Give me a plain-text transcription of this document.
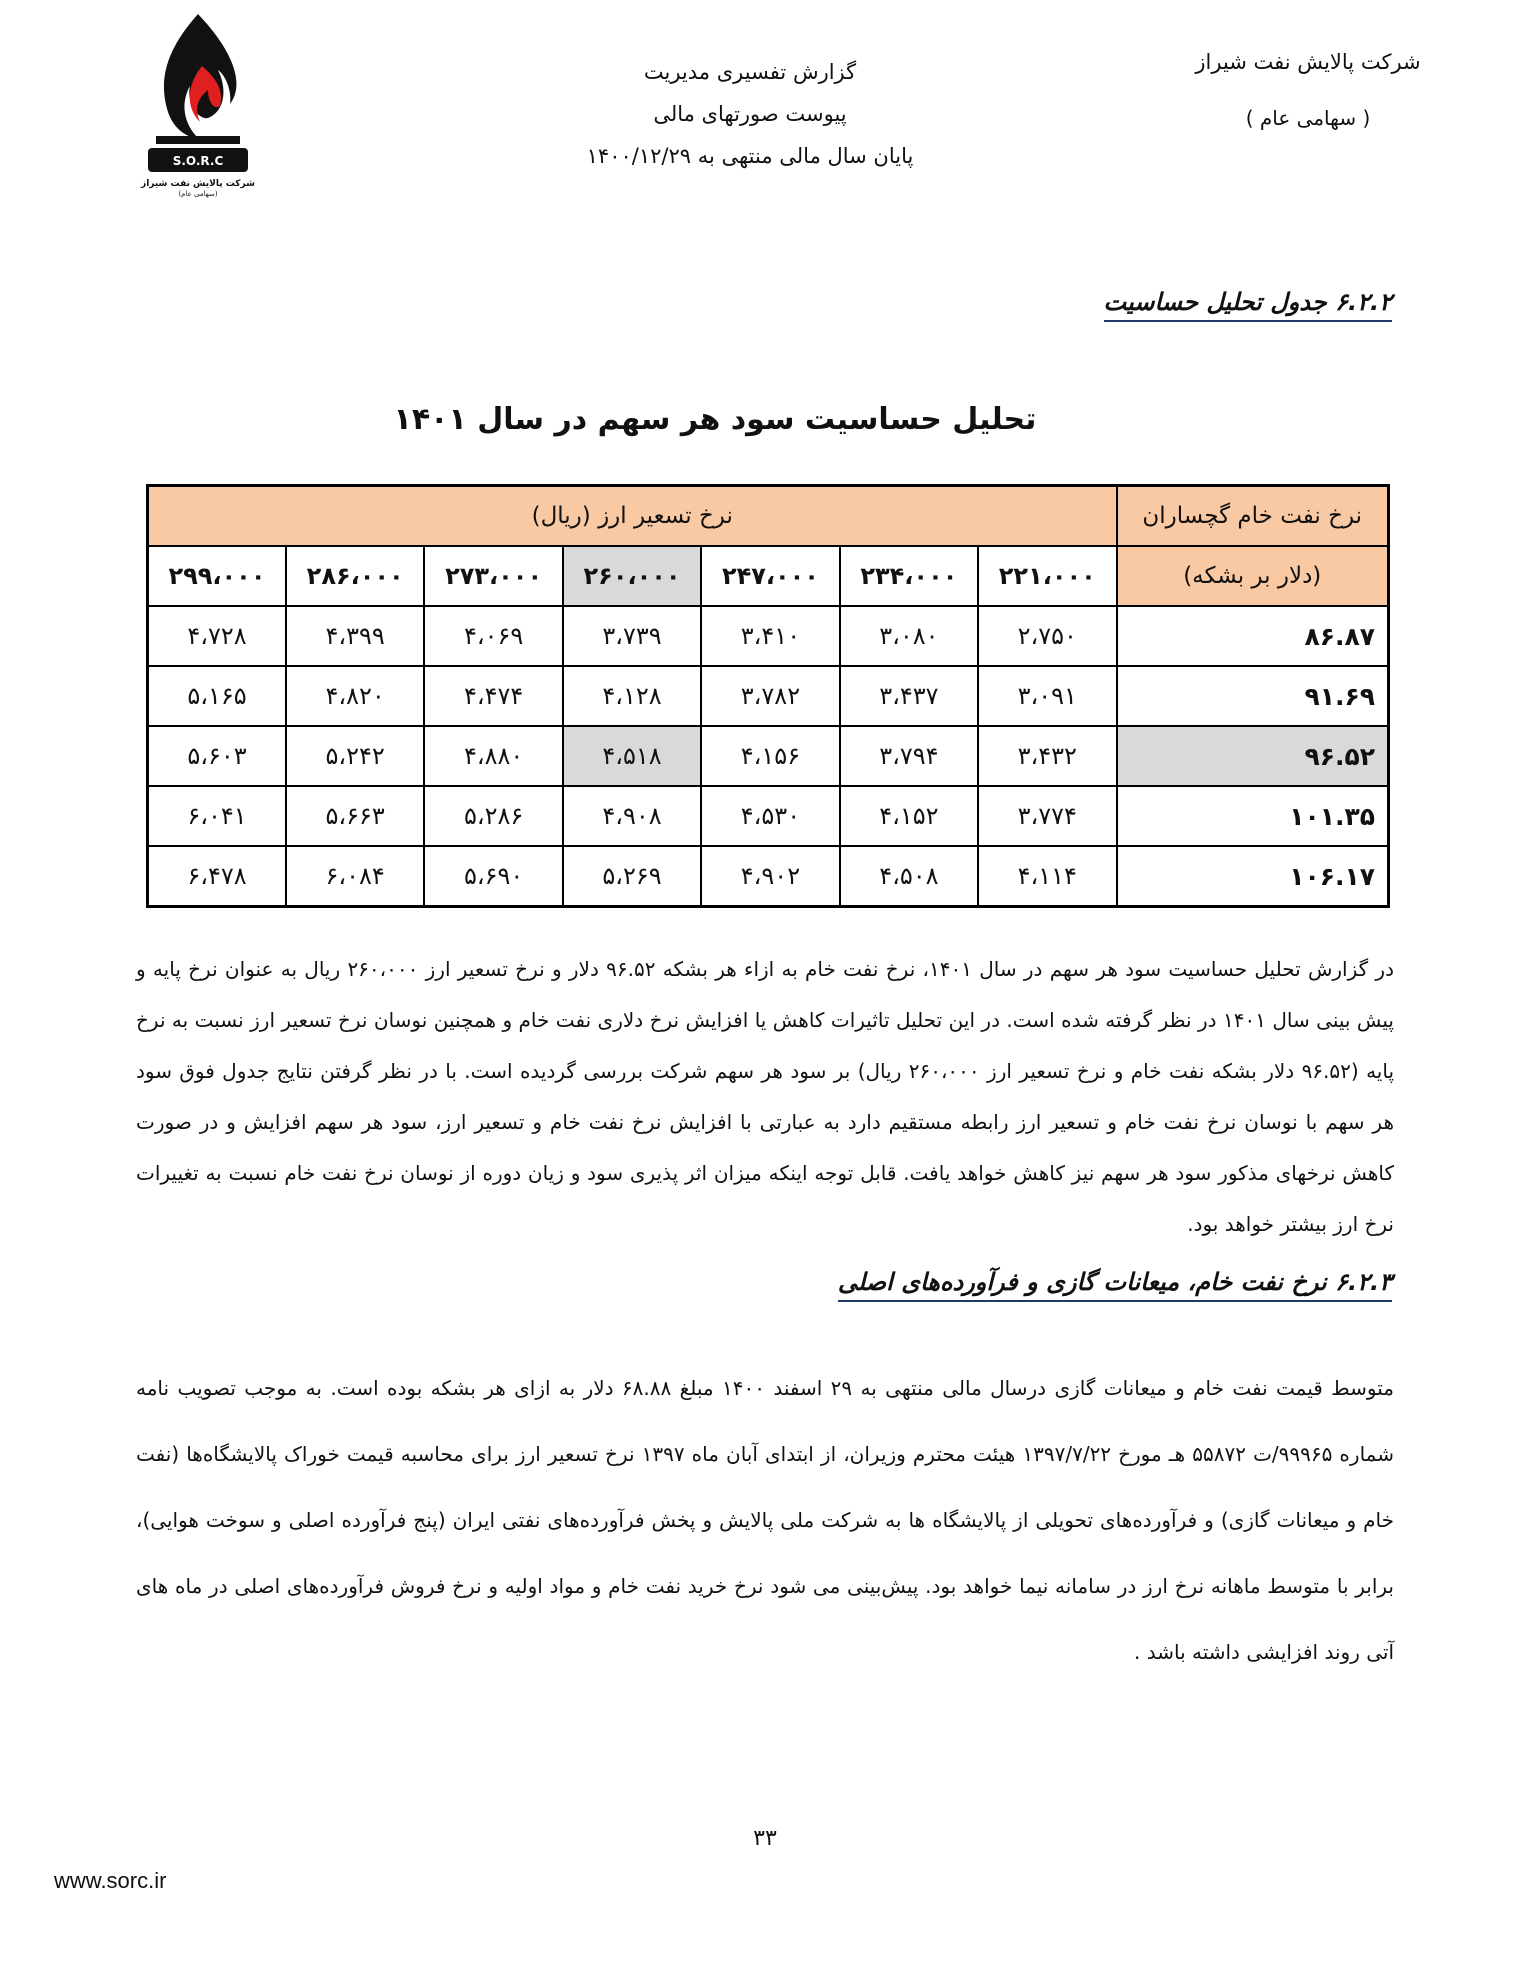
شرکت پالایش نفت شیراز
( سهامی عام )
گزارش تفسیری مدیریت
پیوست صورتهای مالی
پایان سال مالی منتهی به ۱۴۰۰/۱۲/۲۹
S.O.R.C
شرکت پالایش نفت شیراز
(سهامی عام)
۶.۲.۲ جدول تحلیل حساسیت
تحلیل حساسیت سود هر سهم در سال ۱۴۰۱
نرخ نفت خام گچساران	نرخ تسعیر ارز (ریال)						
(دلار بر بشکه)	۲۲۱،۰۰۰	۲۳۴،۰۰۰	۲۴۷،۰۰۰	۲۶۰،۰۰۰	۲۷۳،۰۰۰	۲۸۶،۰۰۰	۲۹۹،۰۰۰
۸۶.۸۷	۲،۷۵۰	۳،۰۸۰	۳،۴۱۰	۳،۷۳۹	۴،۰۶۹	۴،۳۹۹	۴،۷۲۸
۹۱.۶۹	۳،۰۹۱	۳،۴۳۷	۳،۷۸۲	۴،۱۲۸	۴،۴۷۴	۴،۸۲۰	۵،۱۶۵
۹۶.۵۲	۳،۴۳۲	۳،۷۹۴	۴،۱۵۶	۴،۵۱۸	۴،۸۸۰	۵،۲۴۲	۵،۶۰۳
۱۰۱.۳۵	۳،۷۷۴	۴،۱۵۲	۴،۵۳۰	۴،۹۰۸	۵،۲۸۶	۵،۶۶۳	۶،۰۴۱
۱۰۶.۱۷	۴،۱۱۴	۴،۵۰۸	۴،۹۰۲	۵،۲۶۹	۵،۶۹۰	۶،۰۸۴	۶،۴۷۸
در گزارش تحلیل حساسیت سود هر سهم در سال ۱۴۰۱، نرخ نفت خام به ازاء هر بشکه ۹۶.۵۲ دلار و نرخ تسعیر ارز ۲۶۰،۰۰۰ ریال به عنوان نرخ پایه و پیش بینی سال ۱۴۰۱ در نظر گرفته شده است. در این تحلیل تاثیرات کاهش یا افزایش نرخ دلاری نفت خام و همچنین نوسان نرخ تسعیر ارز نسبت به نرخ پایه (۹۶.۵۲ دلار بشکه نفت خام و نرخ تسعیر ارز ۲۶۰،۰۰۰ ریال) بر سود هر سهم شرکت بررسی گردیده است. با در نظر گرفتن نتایج جدول فوق سود هر سهم با نوسان نرخ نفت خام و تسعیر ارز رابطه مستقیم دارد به عبارتی با افزایش نرخ نفت خام و تسعیر ارز، سود هر سهم افزایش و در صورت کاهش نرخهای مذکور سود هر سهم نیز کاهش خواهد یافت. قابل توجه اینکه میزان اثر پذیری سود و زیان دوره از نوسان نرخ نفت خام نسبت به تغییرات نرخ ارز بیشتر خواهد بود.
۶.۲.۳ نرخ نفت خام، میعانات گازی و فرآورده‌های اصلی
متوسط قیمت نفت خام و میعانات گازی درسال مالی منتهی به ۲۹ اسفند ۱۴۰۰ مبلغ ۶۸.۸۸ دلار به ازای هر بشکه بوده است. به موجب تصویب نامه شماره ۹۹۹۶۵/ت ۵۵۸۷۲ هـ مورخ ۱۳۹۷/۷/۲۲ هیئت محترم وزیران، از ابتدای آبان ماه ۱۳۹۷ نرخ تسعیر ارز برای محاسبه قیمت خوراک پالایشگاه‌ها (نفت خام و میعانات گازی) و فرآورده‌های تحویلی از پالایشگاه ها به شرکت ملی پالایش و پخش فرآورده‌های نفتی ایران (پنج فرآورده اصلی و سوخت هوایی)، برابر با متوسط ماهانه نرخ ارز در سامانه نیما خواهد بود. پیش‌بینی می شود نرخ خرید نفت خام و مواد اولیه و نرخ فروش فرآورده‌های اصلی در ماه های آتی روند افزایشی داشته باشد .
۳۳
www.sorc.ir
